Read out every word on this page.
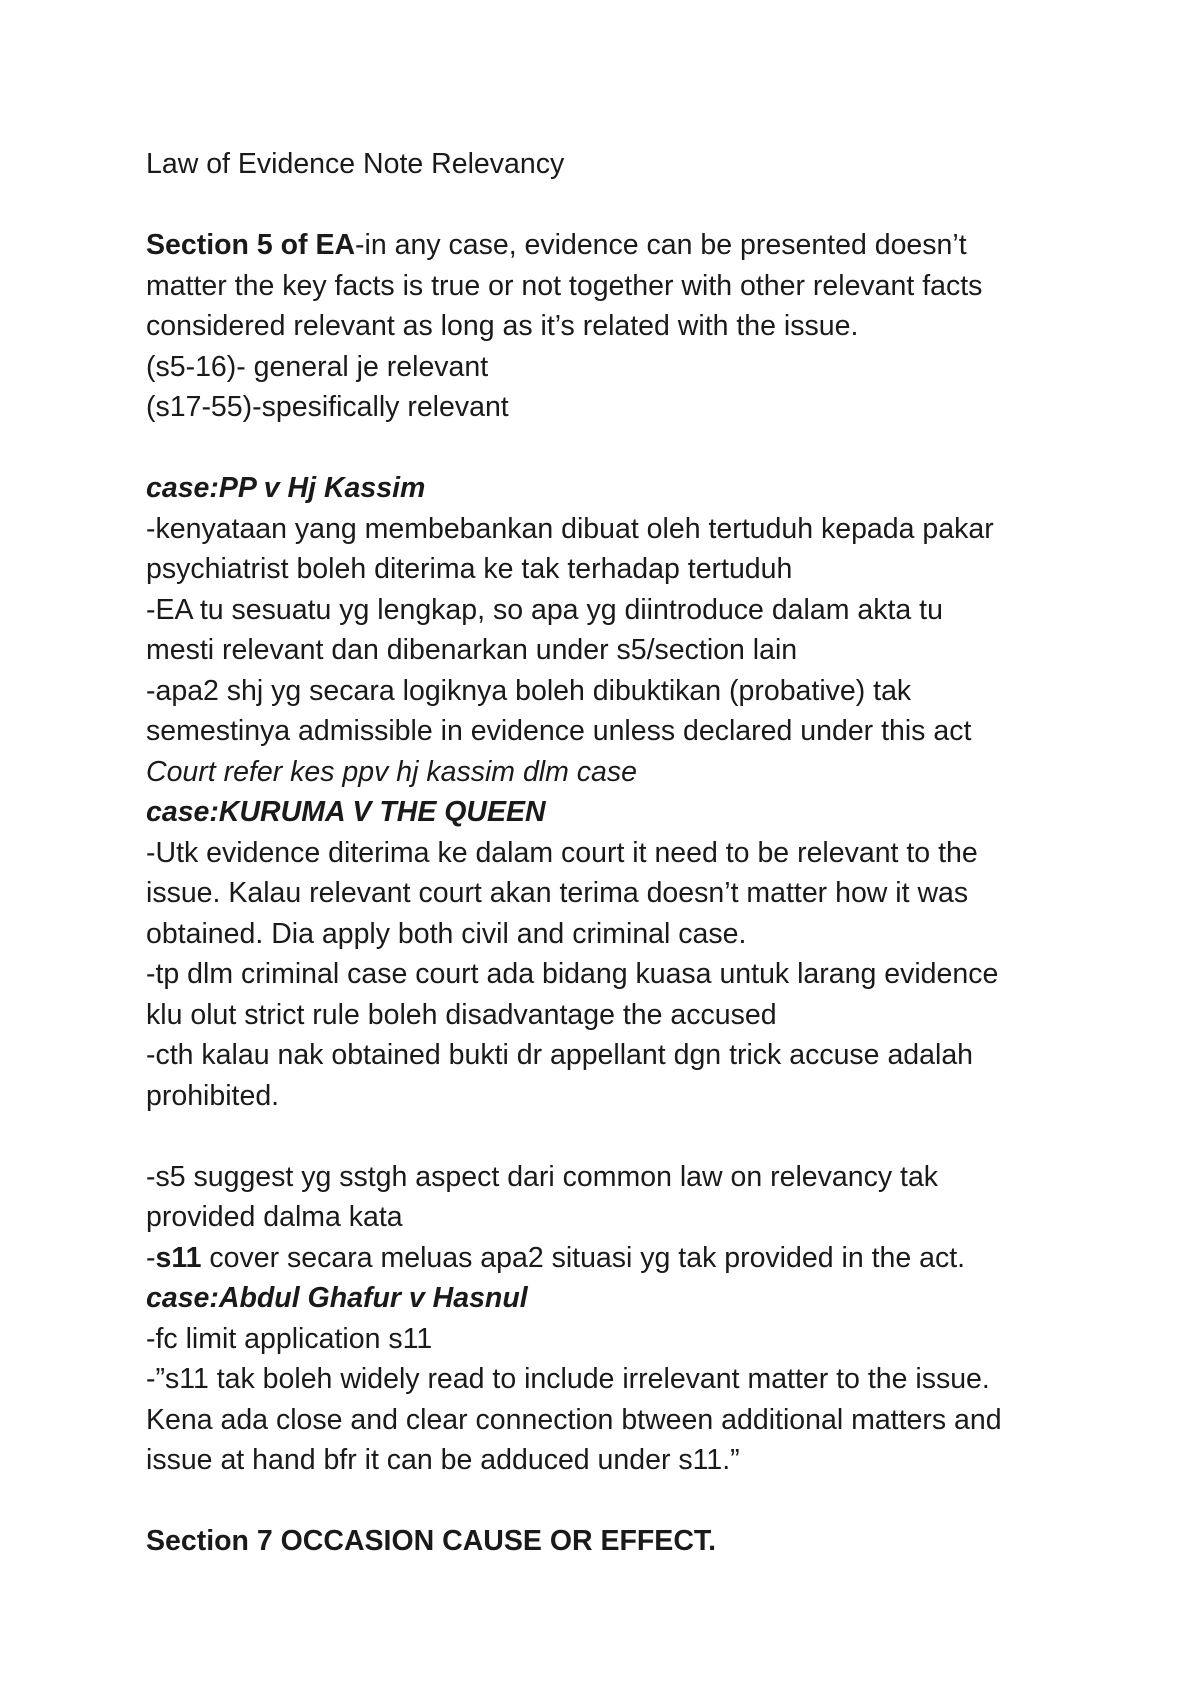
Law of Evidence Note Relevancy
Section 5 of EA-in any case, evidence can be presented doesn’t
matter the key facts is true or not together with other relevant facts
considered relevant as long as it’s related with the issue.
(s5-16)- general je relevant
(s17-55)-spesifically relevant
case:PP v Hj Kassim
-kenyataan yang membebankan dibuat oleh tertuduh kepada pakar
psychiatrist boleh diterima ke tak terhadap tertuduh
-EA tu sesuatu yg lengkap, so apa yg diintroduce dalam akta tu
mesti relevant dan dibenarkan under s5/section lain
-apa2 shj yg secara logiknya boleh dibuktikan (probative) tak
semestinya admissible in evidence unless declared under this act
Court refer kes ppv hj kassim dlm case
case:KURUMA V THE QUEEN
-Utk evidence diterima ke dalam court it need to be relevant to the
issue. Kalau relevant court akan terima doesn’t matter how it was
obtained. Dia apply both civil and criminal case.
-tp dlm criminal case court ada bidang kuasa untuk larang evidence
klu olut strict rule boleh disadvantage the accused
-cth kalau nak obtained bukti dr appellant dgn trick accuse adalah
prohibited.
-s5 suggest yg sstgh aspect dari common law on relevancy tak
provided dalma kata
-s11 cover secara meluas apa2 situasi yg tak provided in the act.
case:Abdul Ghafur v Hasnul
-fc limit application s11
-”s11 tak boleh widely read to include irrelevant matter to the issue.
Kena ada close and clear connection btween additional matters and
issue at hand bfr it can be adduced under s11.”
Section 7 OCCASION CAUSE OR EFFECT.
